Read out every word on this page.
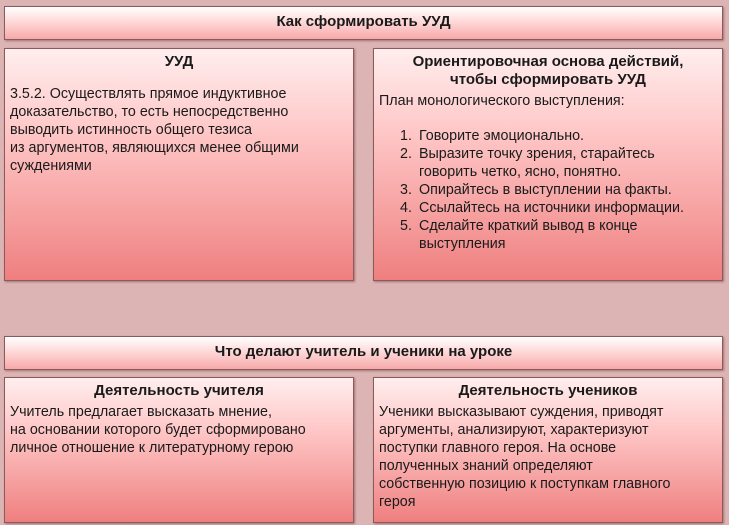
Как сформировать УУД
УУД
3.5.2. Осуществлять прямое индуктивное
доказательство, то есть непосредственно
выводить истинность общего тезиса
из аргументов, являющихся менее общими
суждениями
Ориентировочная основа действий,
чтобы сформировать УУД
План монологического выступления:
1. Говорите эмоционально.
2. Выразите точку зрения, старайтесь
говорить четко, ясно, понятно.
3. Опирайтесь в выступлении на факты.
4. Ссылайтесь на источники информации.
5. Сделайте краткий вывод в конце
выступления
Что делают учитель и ученики на уроке
Деятельность учителя
Учитель предлагает высказать мнение,
на основании которого будет сформировано
личное отношение к литературному герою
Деятельность учеников
Ученики высказывают суждения, приводят
аргументы, анализируют, характеризуют
поступки главного героя. На основе
полученных знаний определяют
собственную позицию к поступкам главного
героя
